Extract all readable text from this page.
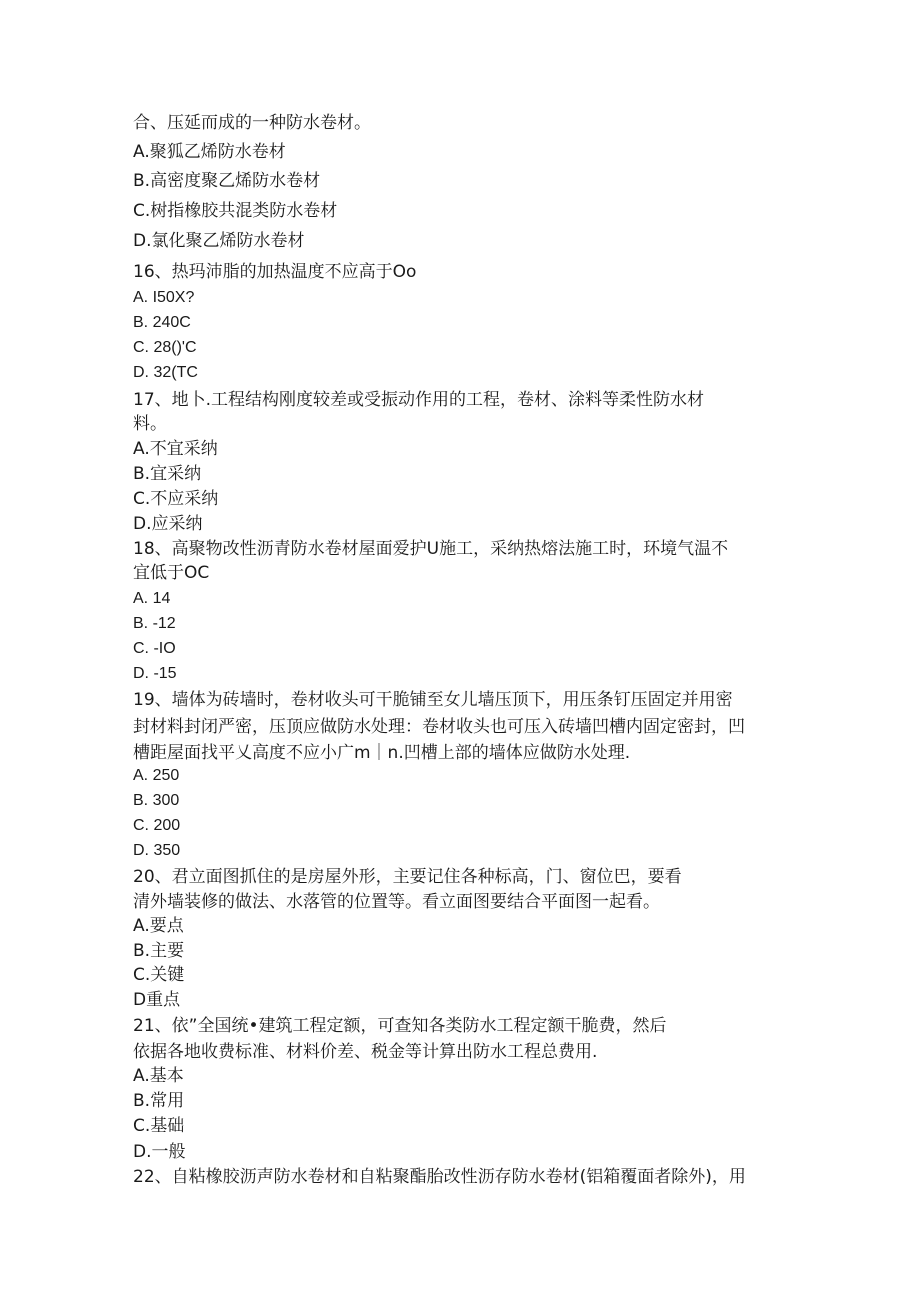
合、压延而成的一种防水卷材。
A.聚狐乙烯防水卷材
B.高密度聚乙烯防水卷材
C.树指橡胶共混类防水卷材
D.氯化聚乙烯防水卷材
16、热玛沛脂的加热温度不应高于Oo
A. I50X?
B. 240C
C. 28()'C
D. 32(TC
17、地卜.工程结构刚度较差或受振动作用的工程，卷材、涂料等柔性防水材
料。
A.不宜采纳
B.宜采纳
C.不应采纳
D.应采纳
18、高聚物改性沥青防水卷材屋面爱护U施工，采纳热熔法施工时，环境气温不
宜低于OC
A. 14
B. -12
C. -IO
D. -15
19、墙体为砖墙时，卷材收头可干脆铺至女儿墙压顶下，用压条钉压固定并用密
封材料封闭严密，压顶应做防水处理：卷材收头也可压入砖墙凹槽内固定密封，凹
槽距屋面找平乂高度不应小广m｜n.凹槽上部的墙体应做防水处理.
A. 250
B. 300
C. 200
D. 350
20、君立面图抓住的是房屋外形，主要记住各种标高，门、窗位巴，要看
清外墙装修的做法、水落管的位置等。看立面图要结合平面图一起看。
A.要点
B.主要
C.关键
D重点
21、依”全国统•建筑工程定额，可查知各类防水工程定额干脆费，然后
依据各地收费标准、材料价差、税金等计算出防水工程总费用.
A.基本
B.常用
C.基础
D.一般
22、自粘橡胶沥声防水卷材和自粘聚酯胎改性沥存防水卷材(铝箱覆面者除外)，用
